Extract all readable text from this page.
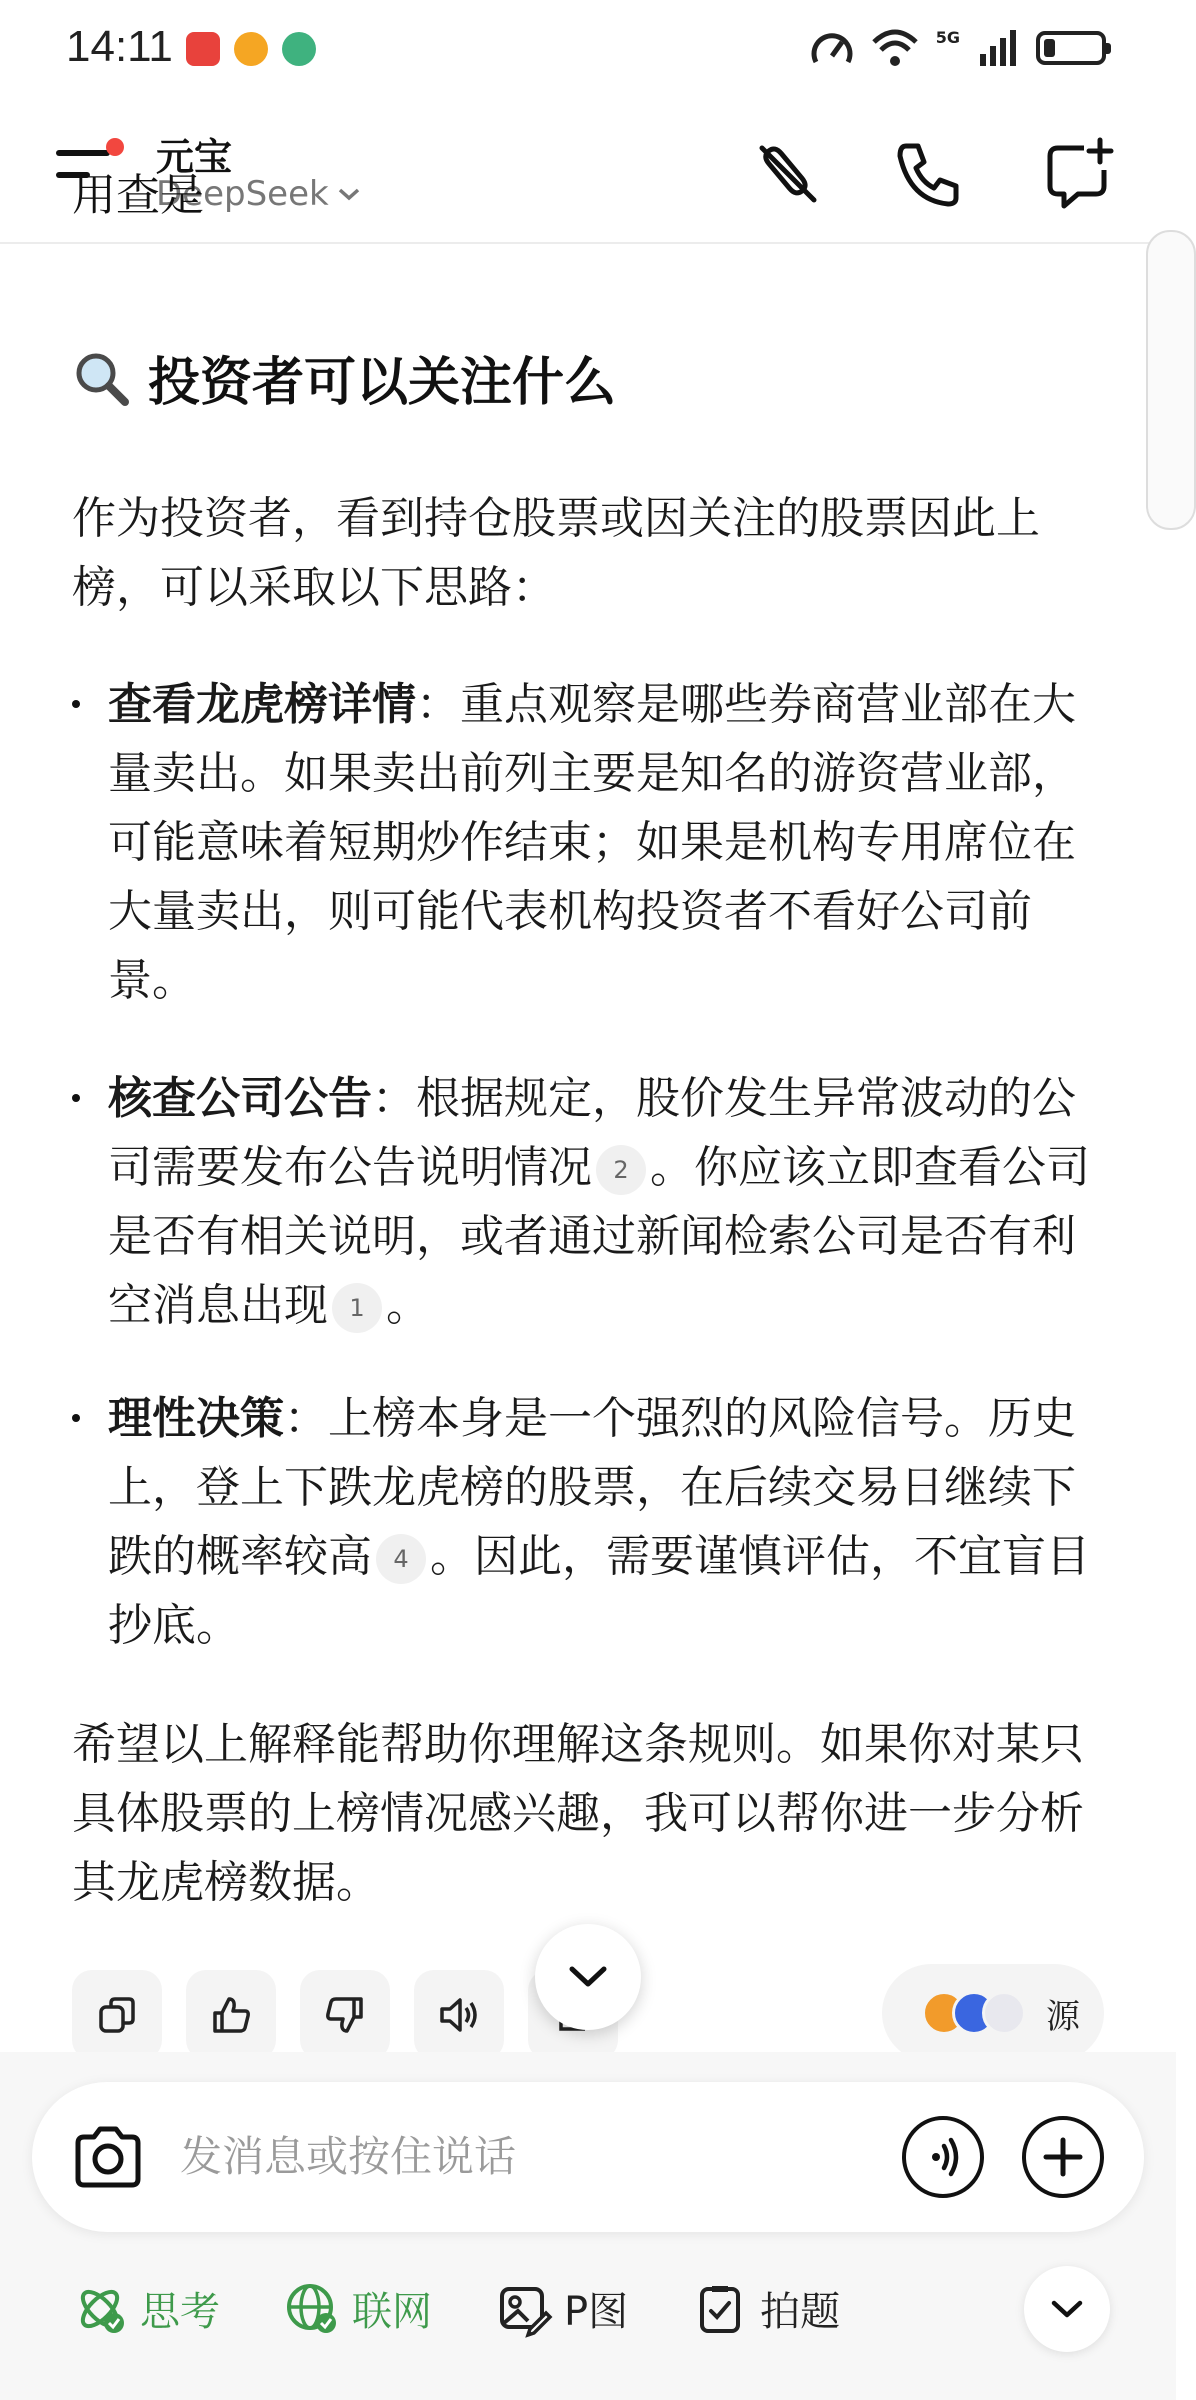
14:11	5G
元宝
DeepSeek
用查是
投资者可以关注什么
作为投资者，看到持仓股票或因关注的股票因此上榜，可以采取以下思路：
查看龙虎榜详情：重点观察是哪些券商营业部在大量卖出。如果卖出前列主要是知名的游资营业部，可能意味着短期炒作结束；如果是机构专用席位在大量卖出，则可能代表机构投资者不看好公司前景。
核查公司公告：根据规定，股价发生异常波动的公司需要发布公告说明情况 2 。你应该立即查看公司是否有相关说明，或者通过新闻检索公司是否有利空消息出现 1 。
理性决策：上榜本身是一个强烈的风险信号。历史上，登上下跌龙虎榜的股票，在后续交易日继续下跌的概率较高 4 。因此，需要谨慎评估，不宜盲目抄底。
希望以上解释能帮助你理解这条规则。如果你对某只具体股票的上榜情况感兴趣，我可以帮你进一步分析其龙虎榜数据。
源
发消息或按住说话
思考	联网	P图	拍题
